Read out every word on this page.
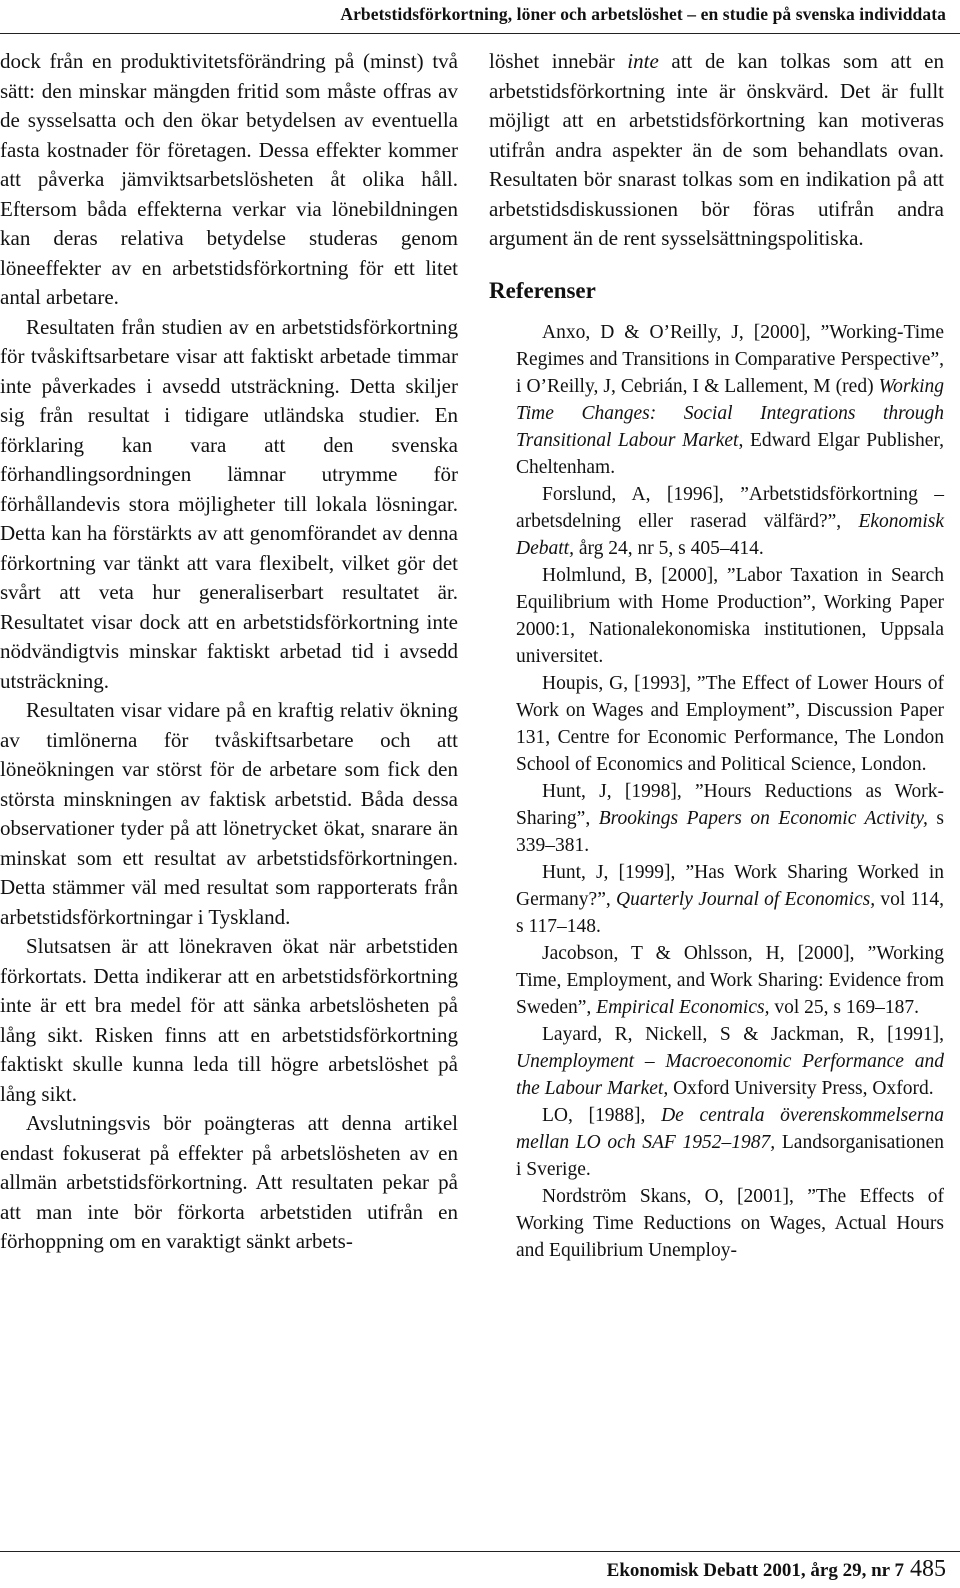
Arbetstidsförkortning, löner och arbetslöshet – en studie på svenska individdata

dock från en produktivitetsförändring på (minst) två sätt: den minskar mängden fritid som måste offras av de sysselsatta och den ökar betydelsen av eventuella fasta kostnader för företagen. Dessa effekter kommer att påverka jämviktsarbetslösheten åt olika håll. Eftersom båda effekterna verkar via lönebildningen kan deras relativa betydelse studeras genom löneeffekter av en arbetstidsförkortning för ett litet antal arbetare.

Resultaten från studien av en arbetstidsförkortning för tvåskiftsarbetare visar att faktiskt arbetade timmar inte påverkades i avsedd utsträckning. Detta skiljer sig från resultat i tidigare utländska studier. En förklaring kan vara att den svenska förhandlingsordningen lämnar utrymme för förhållandevis stora möjligheter till lokala lösningar. Detta kan ha förstärkts av att genomförandet av denna förkortning var tänkt att vara flexibelt, vilket gör det svårt att veta hur generaliserbart resultatet är. Resultatet visar dock att en arbetstidsförkortning inte nödvändigtvis minskar faktiskt arbetad tid i avsedd utsträckning.

Resultaten visar vidare på en kraftig relativ ökning av timlönerna för tvåskiftsarbetare och att löneökningen var störst för de arbetare som fick den största minskningen av faktisk arbetstid. Båda dessa observationer tyder på att lönetrycket ökat, snarare än minskat som ett resultat av arbetstidsförkortningen. Detta stämmer väl med resultat som rapporterats från arbetstidsförkortningar i Tyskland.

Slutsatsen är att lönekraven ökat när arbetstiden förkortats. Detta indikerar att en arbetstidsförkortning inte är ett bra medel för att sänka arbetslösheten på lång sikt. Risken finns att en arbetstidsförkortning faktiskt skulle kunna leda till högre arbetslöshet på lång sikt.

Avslutningsvis bör poängteras att denna artikel endast fokuserat på effekter på arbetslösheten av en allmän arbetstidsförkortning. Att resultaten pekar på att man inte bör förkorta arbetstiden utifrån en förhoppning om en varaktigt sänkt arbets-

löshet innebär inte att de kan tolkas som att en arbetstidsförkortning inte är önskvärd. Det är fullt möjligt att en arbetstidsförkortning kan motiveras utifrån andra aspekter än de som behandlats ovan. Resultaten bör snarast tolkas som en indikation på att arbetstidsdiskussionen bör föras utifrån andra argument än de rent sysselsättningspolitiska.

Referenser

Anxo, D & O’Reilly, J, [2000], ”Working-Time Regimes and Transitions in Comparative Perspective”, i O’Reilly, J, Cebrián, I & Lallement, M (red) Working Time Changes: Social Integrations through Transitional Labour Market, Edward Elgar Publisher, Cheltenham.

Forslund, A, [1996], ”Arbetstidsförkortning – arbetsdelning eller raserad välfärd?”, Ekonomisk Debatt, årg 24, nr 5, s 405–414.

Holmlund, B, [2000], ”Labor Taxation in Search Equilibrium with Home Production”, Working Paper 2000:1, Nationalekonomiska institutionen, Uppsala universitet.

Houpis, G, [1993], ”The Effect of Lower Hours of Work on Wages and Employment”, Discussion Paper 131, Centre for Economic Performance, The London School of Economics and Political Science, London.

Hunt, J, [1998], ”Hours Reductions as Work-Sharing”, Brookings Papers on Economic Activity, s 339–381.

Hunt, J, [1999], ”Has Work Sharing Worked in Germany?”, Quarterly Journal of Economics, vol 114, s 117–148.

Jacobson, T & Ohlsson, H, [2000], ”Working Time, Employment, and Work Sharing: Evidence from Sweden”, Empirical Economics, vol 25, s 169–187.

Layard, R, Nickell, S & Jackman, R, [1991], Unemployment – Macroeconomic Performance and the Labour Market, Oxford University Press, Oxford.

LO, [1988], De centrala överenskommelserna mellan LO och SAF 1952–1987, Landsorganisationen i Sverige.

Nordström Skans, O, [2001], ”The Effects of Working Time Reductions on Wages, Actual Hours and Equilibrium Unemploy-

Ekonomisk Debatt 2001, årg 29, nr 7 485
